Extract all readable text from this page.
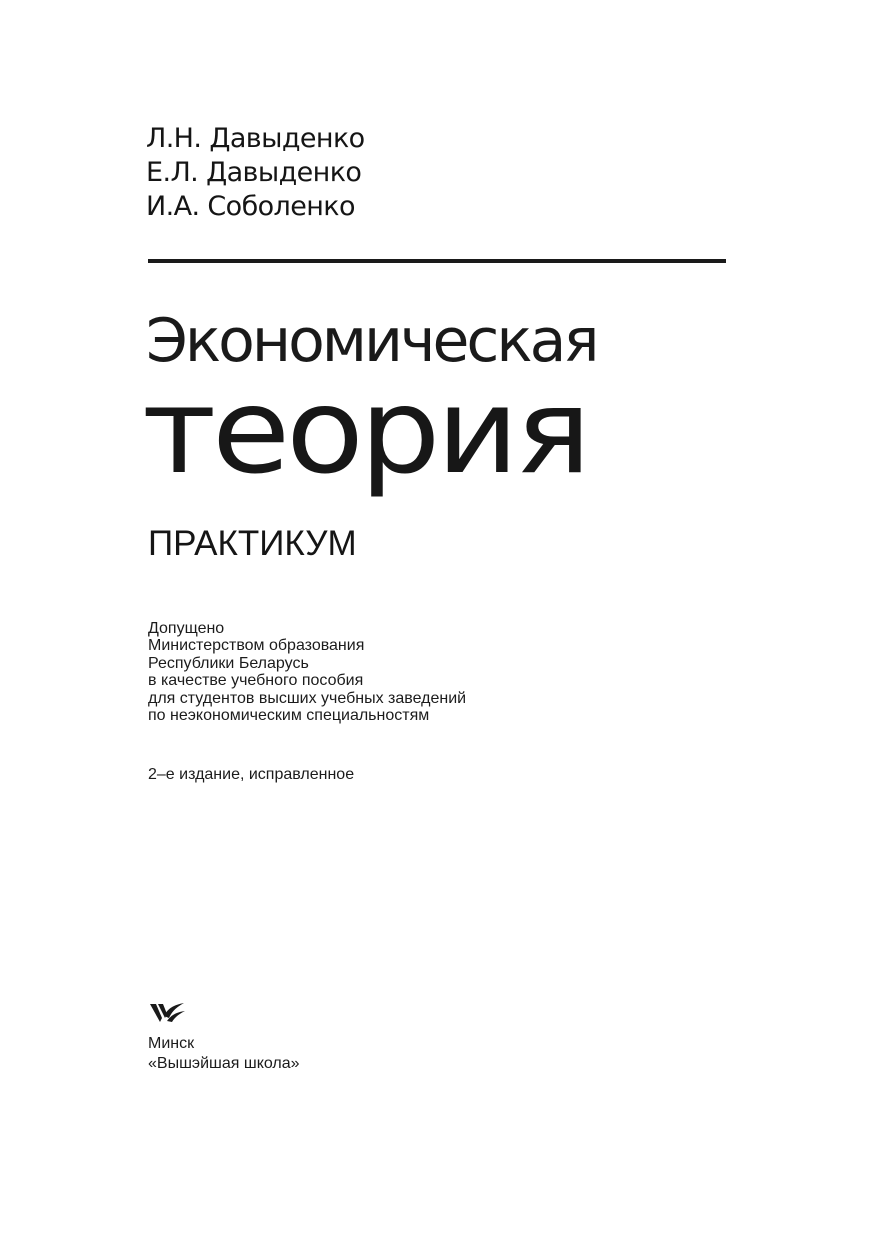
Л.Н. Давыденко
Е.Л. Давыденко
И.А. Соболенко
Экономическая
теория
ПРАКТИКУМ
Допущено
Министерством образования
Республики Беларусь
в качестве учебного пособия
для студентов высших учебных заведений
по неэкономическим специальностям
2–е издание, исправленное
Минск
«Вышэйшая школа»
